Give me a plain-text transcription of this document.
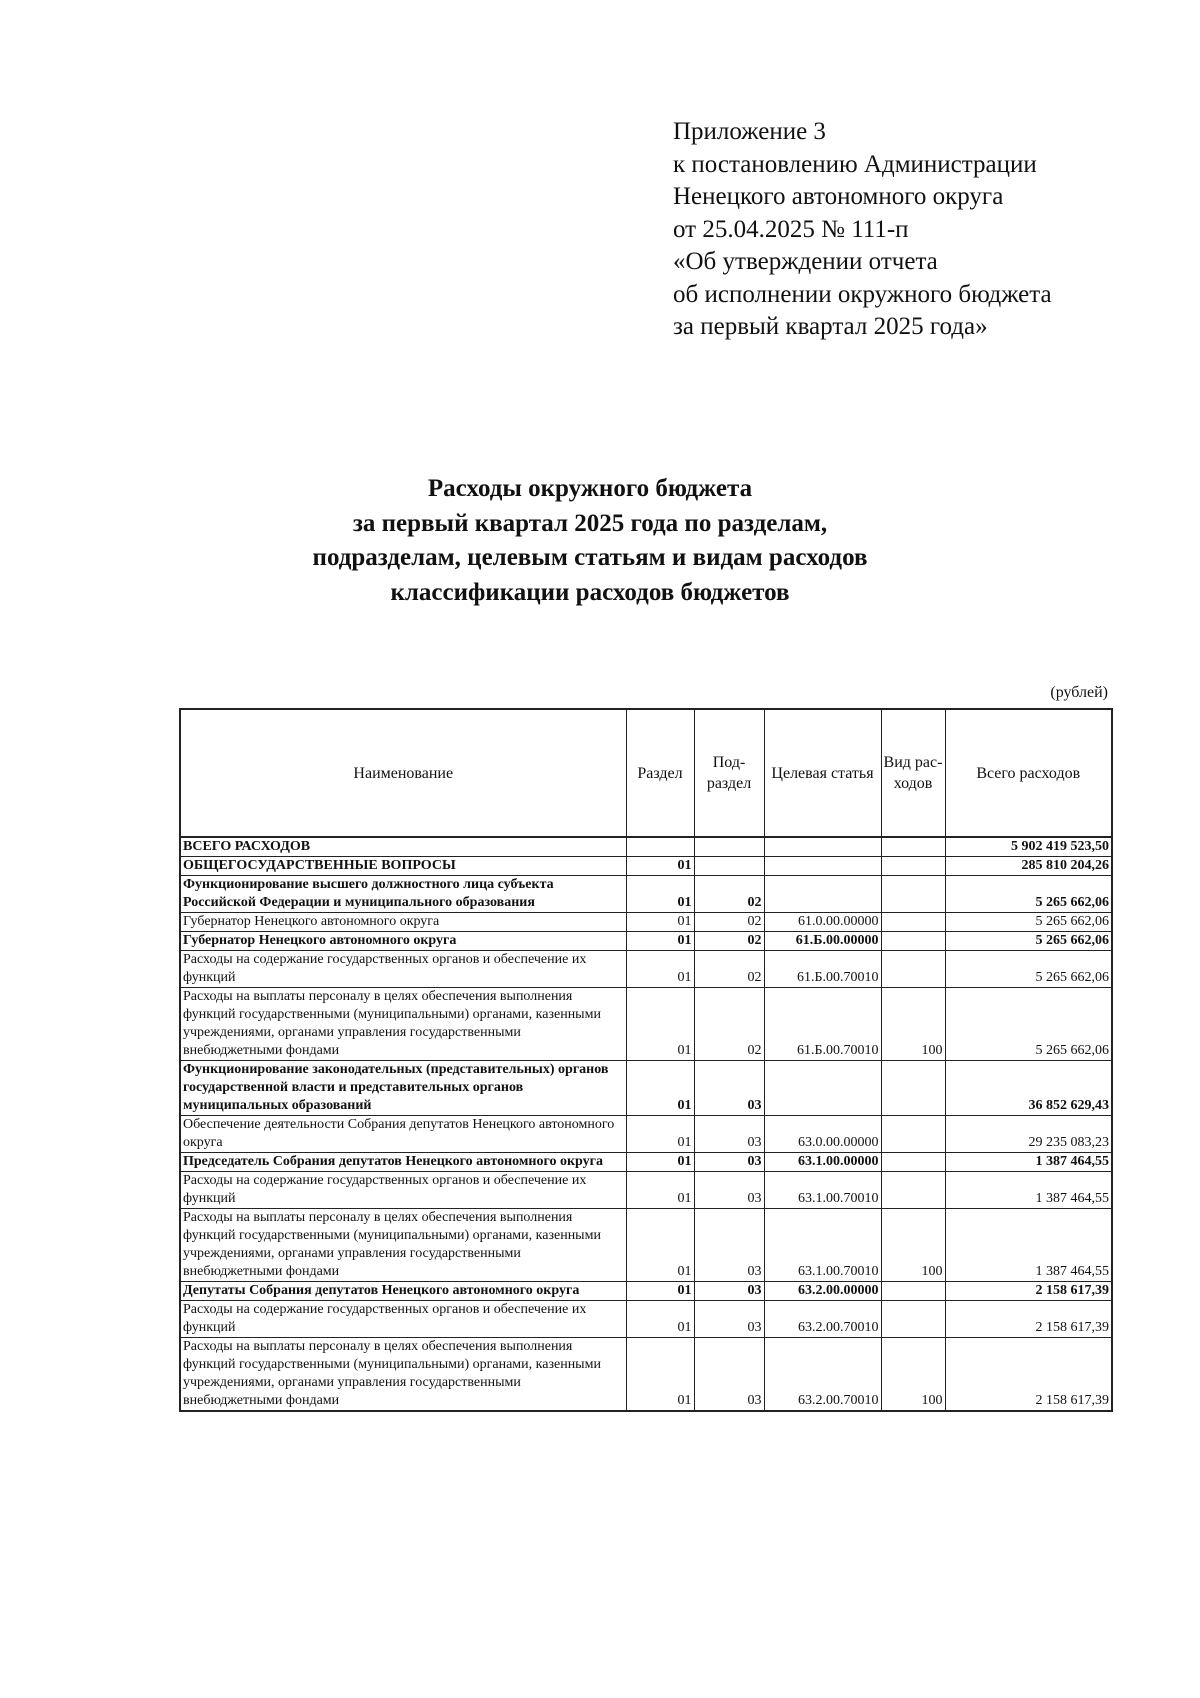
Приложение 3
к постановлению Администрации
Ненецкого автономного округа
от 25.04.2025 № 111-п
«Об утверждении отчета
об исполнении окружного бюджета
за первый квартал 2025 года»
Расходы окружного бюджета
за первый квартал 2025 года по разделам,
подразделам, целевым статьям и видам расходов
классификации расходов бюджетов
(рублей)
Наименование	Раздел	Под-раздел	Целевая статья	Вид рас-ходов	Всего расходов
ВСЕГО РАСХОДОВ					5 902 419 523,50
ОБЩЕГОСУДАРСТВЕННЫЕ ВОПРОСЫ	01				285 810 204,26
Функционирование высшего должностного лица субъекта Российской Федерации и муниципального образования	01	02			5 265 662,06
Губернатор Ненецкого автономного округа	01	02	61.0.00.00000		5 265 662,06
Губернатор Ненецкого автономного округа	01	02	61.Б.00.00000		5 265 662,06
Расходы на содержание государственных органов и обеспечение их функций	01	02	61.Б.00.70010		5 265 662,06
Расходы на выплаты персоналу в целях обеспечения выполнения функций государственными (муниципальными) органами, казенными учреждениями, органами управления государственными внебюджетными фондами	01	02	61.Б.00.70010	100	5 265 662,06
Функционирование законодательных (представительных) органов государственной власти и представительных органов муниципальных образований	01	03			36 852 629,43
Обеспечение деятельности Собрания депутатов Ненецкого автономного округа	01	03	63.0.00.00000		29 235 083,23
Председатель Собрания депутатов Ненецкого автономного округа	01	03	63.1.00.00000		1 387 464,55
Расходы на содержание государственных органов и обеспечение их функций	01	03	63.1.00.70010		1 387 464,55
Расходы на выплаты персоналу в целях обеспечения выполнения функций государственными (муниципальными) органами, казенными учреждениями, органами управления государственными внебюджетными фондами	01	03	63.1.00.70010	100	1 387 464,55
Депутаты Собрания депутатов Ненецкого автономного округа	01	03	63.2.00.00000		2 158 617,39
Расходы на содержание государственных органов и обеспечение их функций	01	03	63.2.00.70010		2 158 617,39
Расходы на выплаты персоналу в целях обеспечения выполнения функций государственными (муниципальными) органами, казенными учреждениями, органами управления государственными внебюджетными фондами	01	03	63.2.00.70010	100	2 158 617,39
